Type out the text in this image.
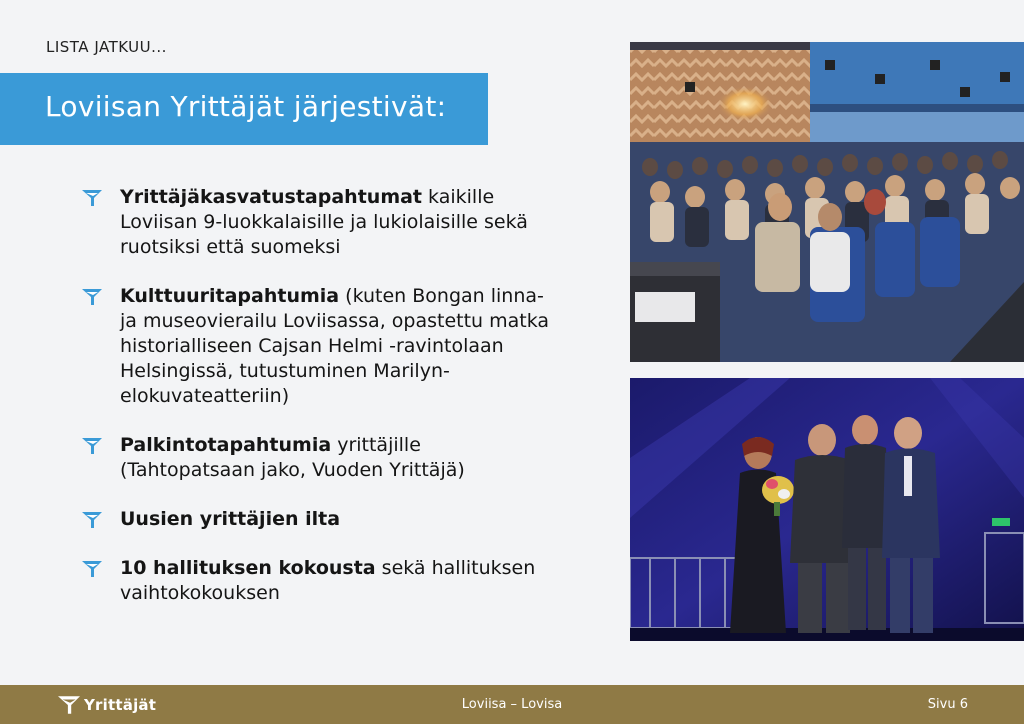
LISTA JATKUU...
Loviisan Yrittäjät järjestivät:
Yrittäjäkasvatustapahtumat kaikille Loviisan 9-luokkalaisille ja lukiolaisille sekä ruotsiksi että suomeksi
Kulttuuritapahtumia (kuten Bongan linna- ja museovierailu Loviisassa, opastettu matka historialliseen Cajsan Helmi -ravintolaan Helsingissä, tutustuminen Marilyn-elokuvateatteriin)
Palkintotapahtumia yrittäjille (Tahtopatsaan jako, Vuoden Yrittäjä)
Uusien yrittäjien ilta
10 hallituksen kokousta sekä hallituksen vaihtokokouksen
Yrittäjät	Loviisa – Lovisa	Sivu 6
